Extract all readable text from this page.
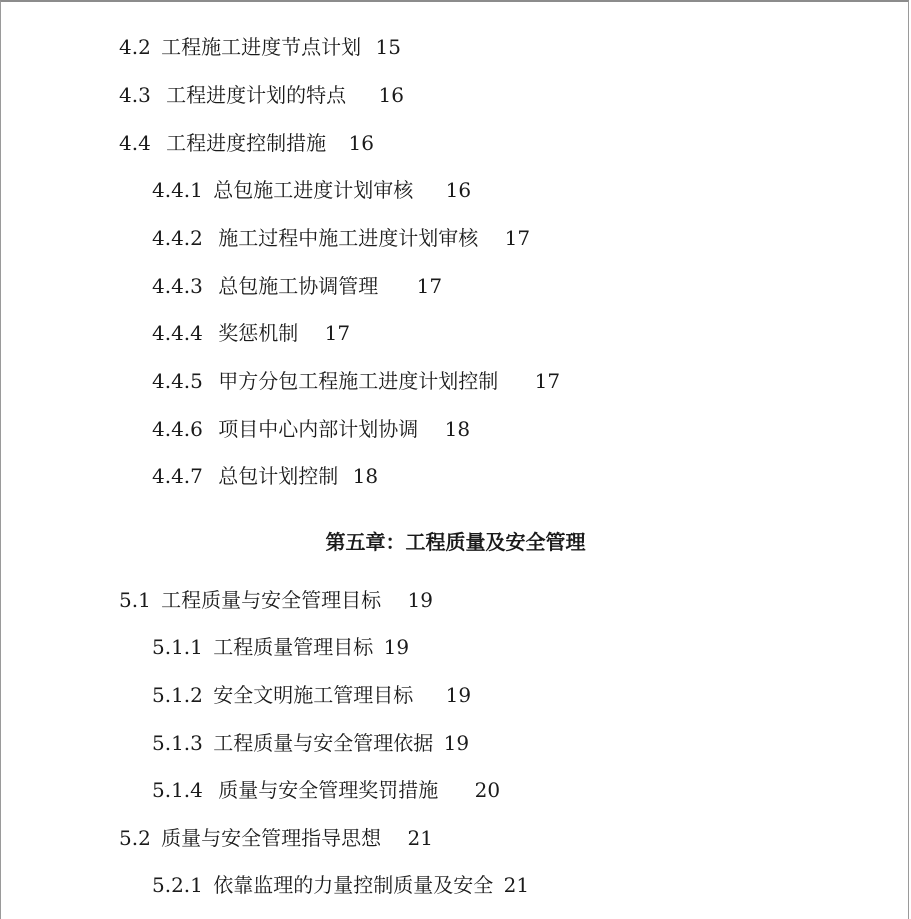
4.2 工程施工进度节点计划 15
4.3 工程进度计划的特点 16
4.4 工程进度控制措施 16
4.4.1 总包施工进度计划审核 16
4.4.2 施工过程中施工进度计划审核 17
4.4.3 总包施工协调管理 17
4.4.4 奖惩机制 17
4.4.5 甲方分包工程施工进度计划控制 17
4.4.6 项目中心内部计划协调 18
4.4.7 总包计划控制 18
第五章：工程质量及安全管理
5.1 工程质量与安全管理目标 19
5.1.1 工程质量管理目标 19
5.1.2 安全文明施工管理目标 19
5.1.3 工程质量与安全管理依据 19
5.1.4 质量与安全管理奖罚措施 20
5.2 质量与安全管理指导思想 21
5.2.1 依靠监理的力量控制质量及安全 21
